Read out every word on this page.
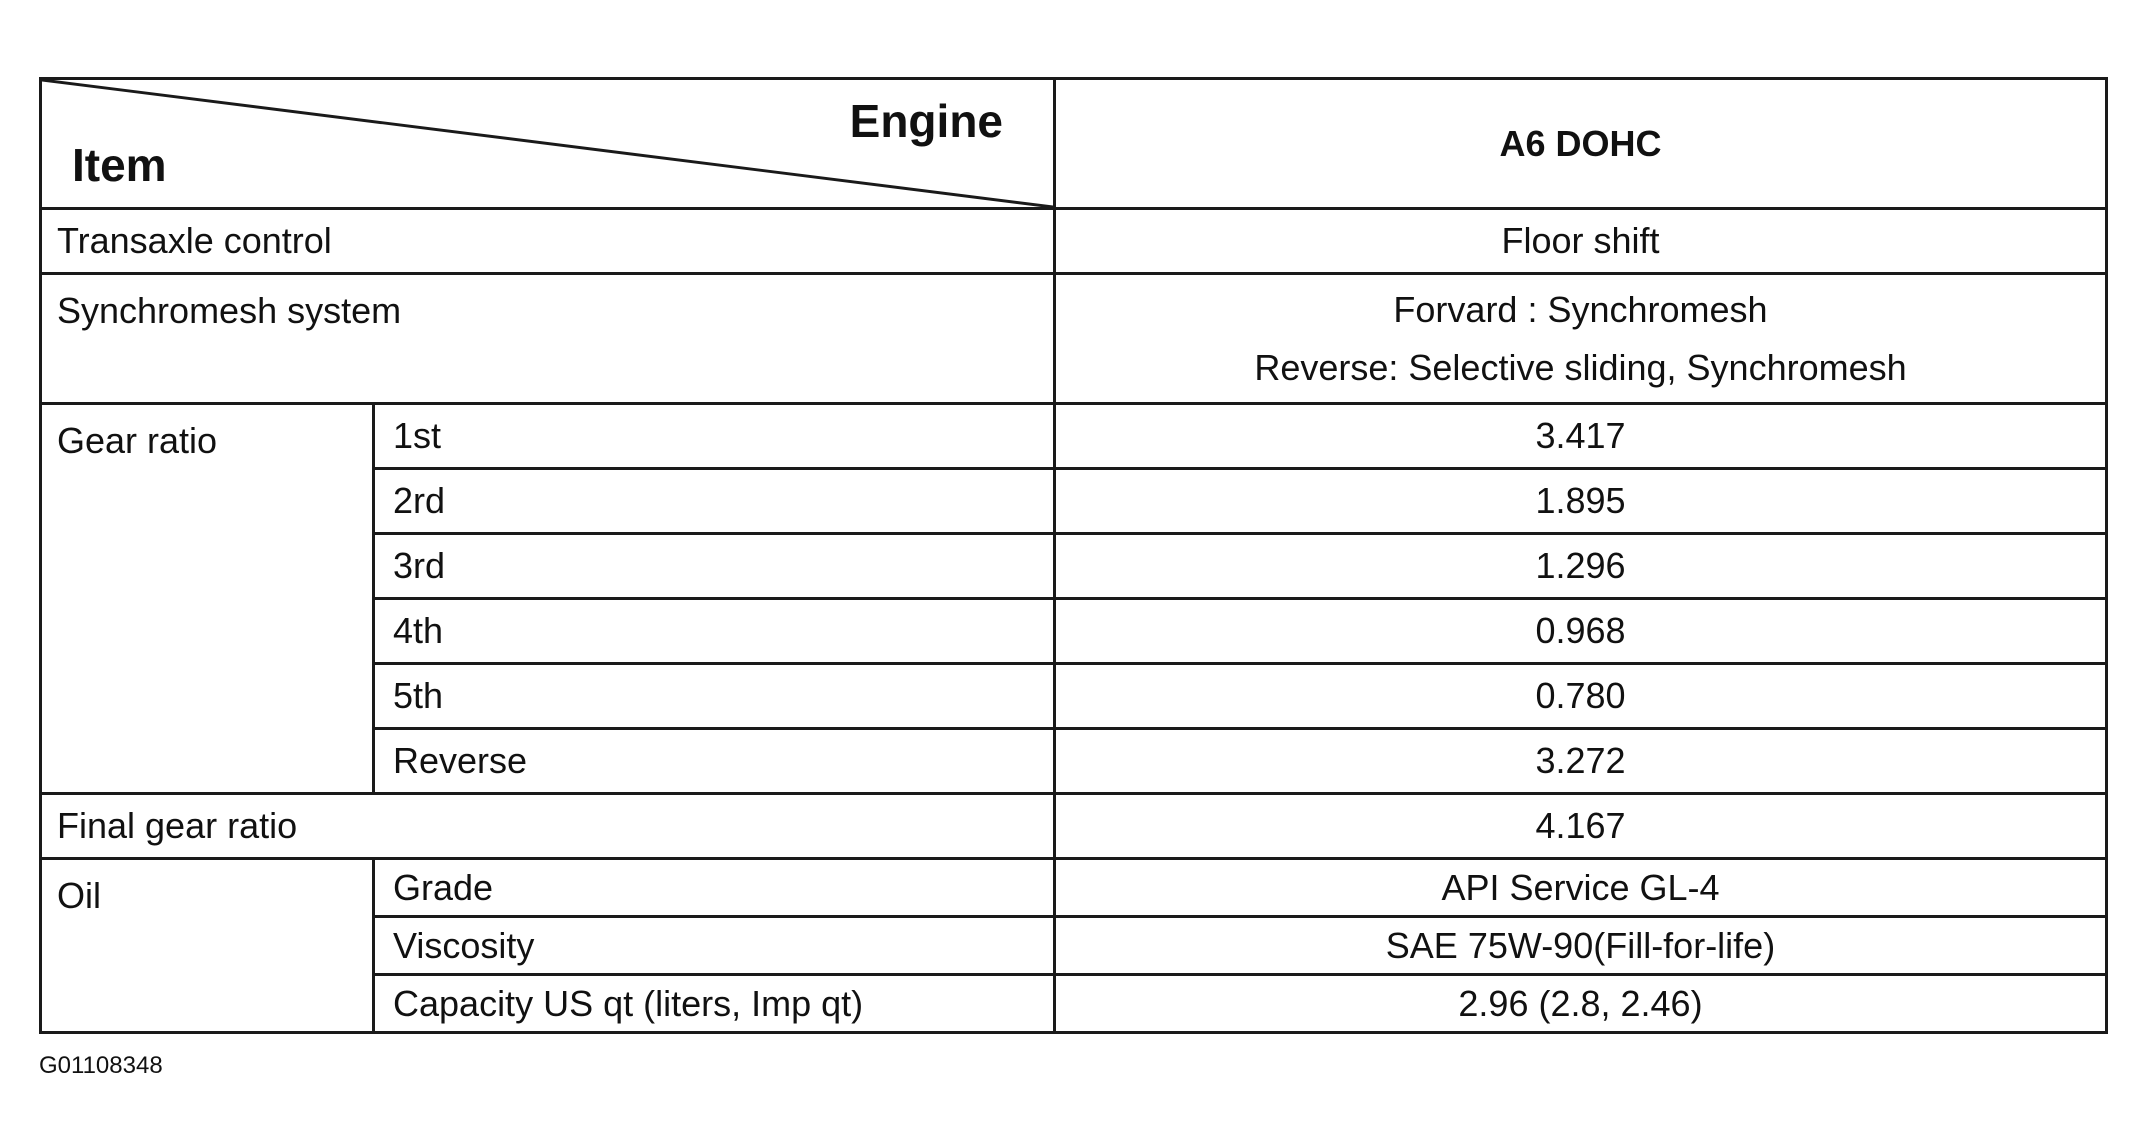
Item
Engine		A6 DOHC
Transaxle control		Floor shift
Synchromesh system		Forvard : Synchromesh
Reverse: Selective sliding, Synchromesh

Gear ratio	1st	3.417
	2rd	1.895
	3rd	1.296
	4th	0.968
	5th	0.780
	Reverse	3.272
Final gear ratio		4.167
Oil	Grade	API Service GL-4
	Viscosity	SAE 75W-90(Fill-for-life)
	Capacity US qt (liters, Imp qt)	2.96 (2.8, 2.46)
G01108348
